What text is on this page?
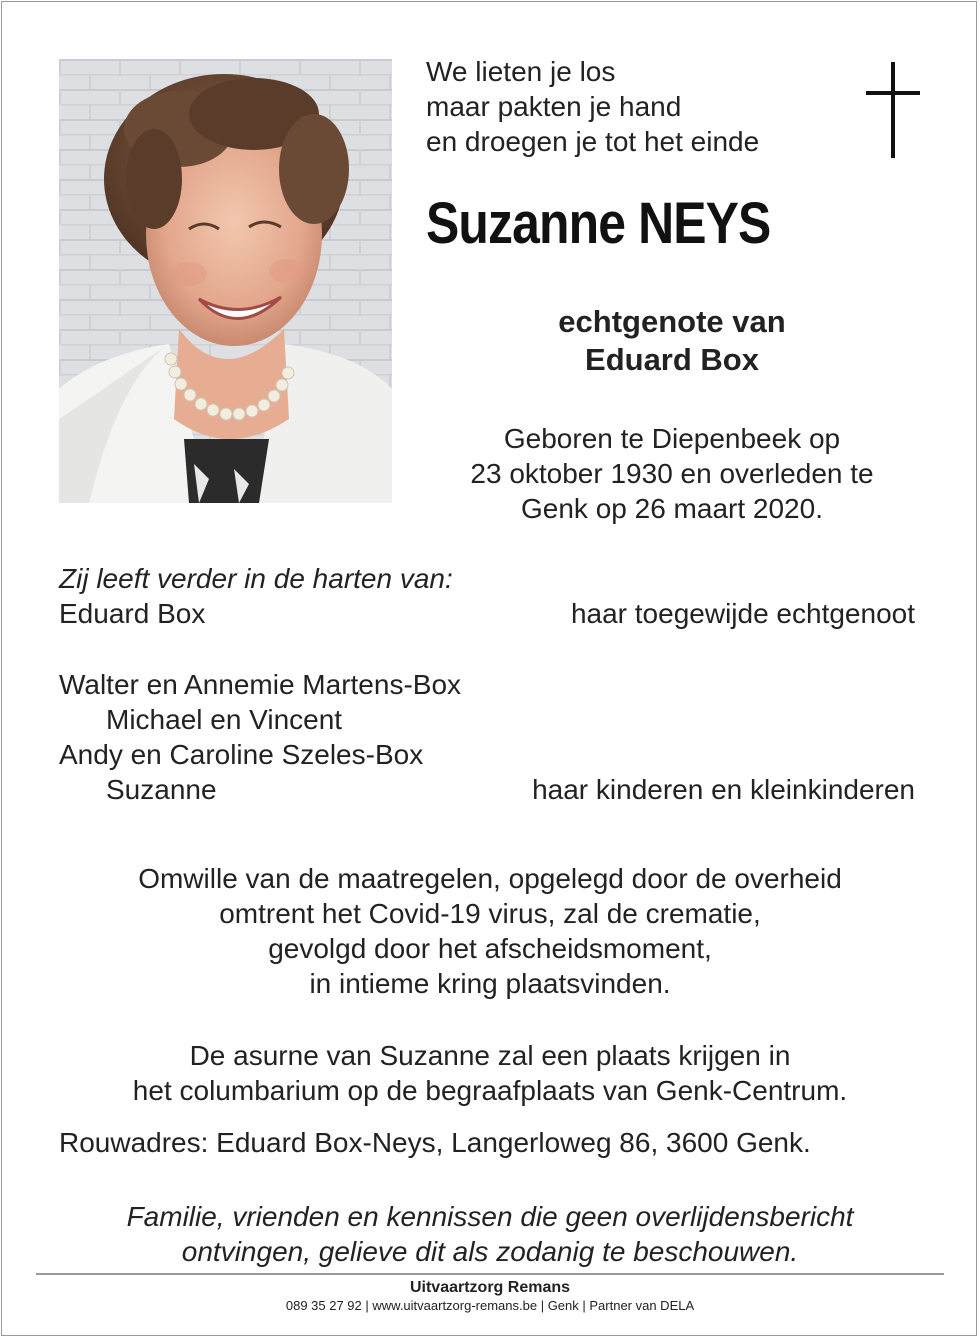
We lieten je los
maar pakten je hand
en droegen je tot het einde
Suzanne NEYS
echtgenote van
Eduard Box
Geboren te Diepenbeek op
23 oktober 1930 en overleden te
Genk op 26 maart 2020.
Zij leeft verder in de harten van:
Eduard Box	haar toegewijde echtgenoot
Walter en Annemie Martens-Box
Michael en Vincent
Andy en Caroline Szeles-Box
Suzanne	haar kinderen en kleinkinderen
Omwille van de maatregelen, opgelegd door de overheid
omtrent het Covid-19 virus, zal de crematie,
gevolgd door het afscheidsmoment,
in intieme kring plaatsvinden.
De asurne van Suzanne zal een plaats krijgen in
het columbarium op de begraafplaats van Genk-Centrum.
Rouwadres: Eduard Box-Neys, Langerloweg 86, 3600 Genk.
Familie, vrienden en kennissen die geen overlijdensbericht
ontvingen, gelieve dit als zodanig te beschouwen.
Uitvaartzorg Remans
089 35 27 92 | www.uitvaartzorg-remans.be | Genk | Partner van DELA
